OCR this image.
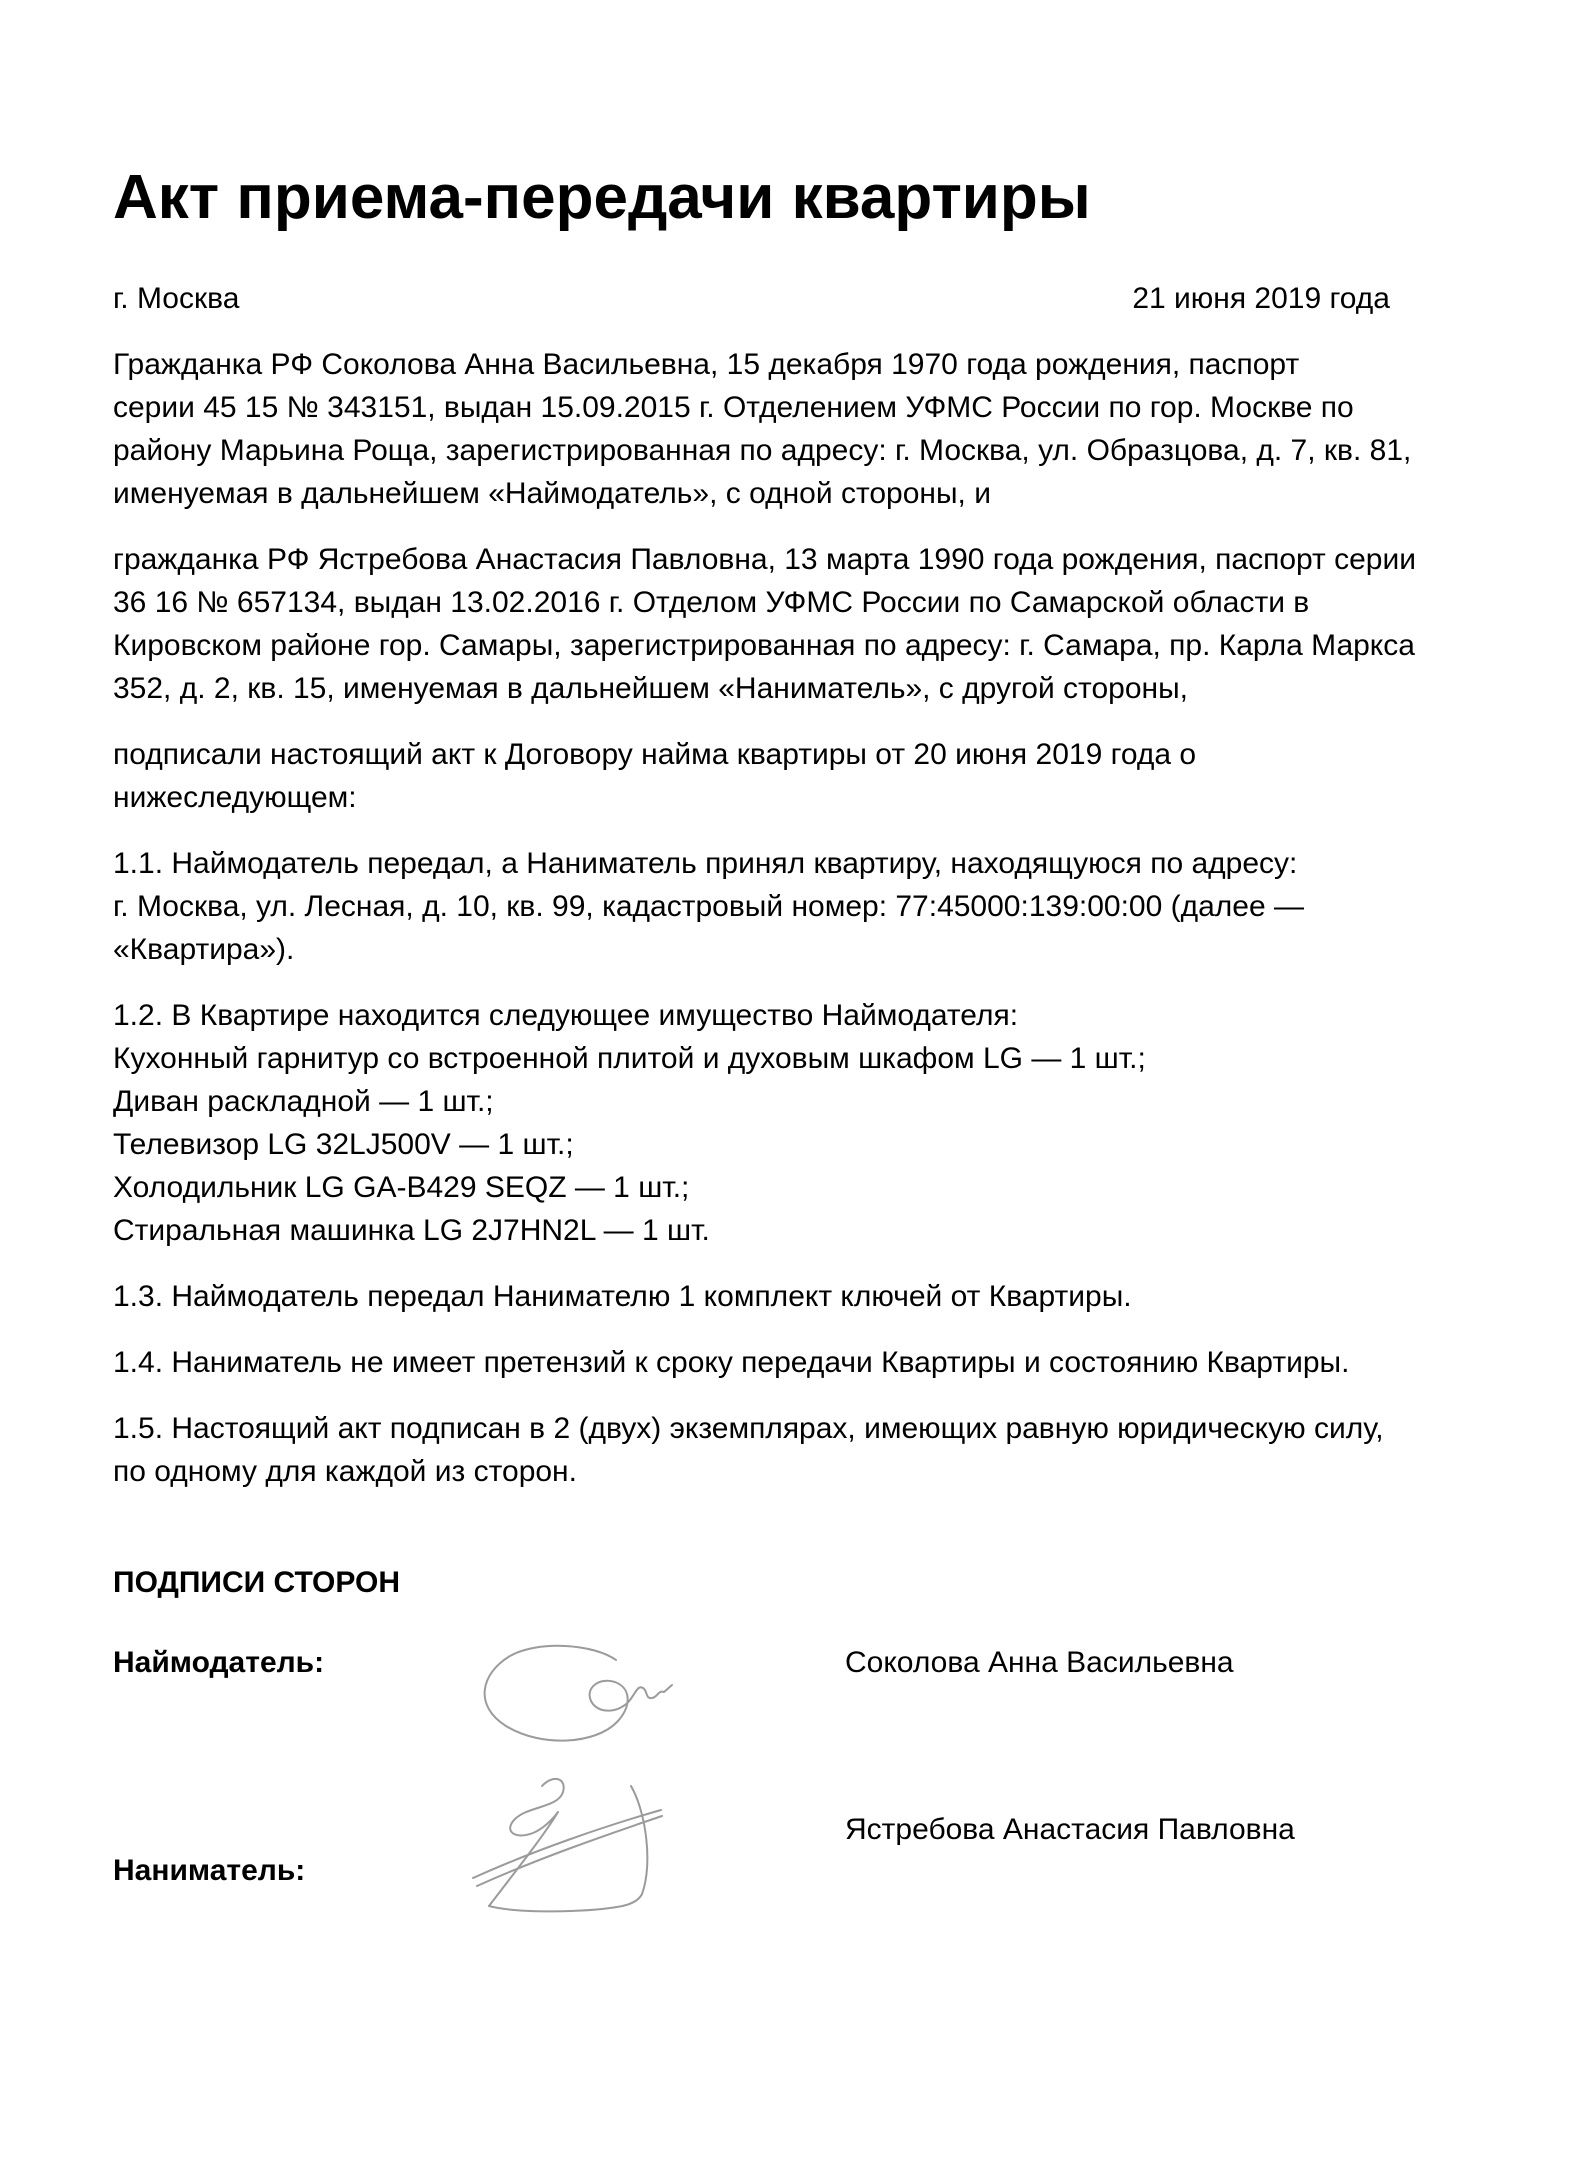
Акт приема-передачи квартиры
г. Москва	21 июня 2019 года
Гражданка РФ Соколова Анна Васильевна, 15 декабря 1970 года рождения, паспорт
серии 45 15 № 343151, выдан 15.09.2015 г. Отделением УФМС России по гор. Москве по
району Марьина Роща, зарегистрированная по адресу: г. Москва, ул. Образцова, д. 7, кв. 81,
именуемая в дальнейшем «Наймодатель», с одной стороны, и
гражданка РФ Ястребова Анастасия Павловна, 13 марта 1990 года рождения, паспорт серии
36 16 № 657134, выдан 13.02.2016 г. Отделом УФМС России по Самарской области в
Кировском районе гор. Самары, зарегистрированная по адресу: г. Самара, пр. Карла Маркса
352, д. 2, кв. 15, именуемая в дальнейшем «Наниматель», с другой стороны,
подписали настоящий акт к Договору найма квартиры от 20 июня 2019 года о
нижеследующем:
1.1. Наймодатель передал, а Наниматель принял квартиру, находящуюся по адресу:
г. Москва, ул. Лесная, д. 10, кв. 99, кадастровый номер: 77:45000:139:00:00 (далее —
«Квартира»).
1.2. В Квартире находится следующее имущество Наймодателя:
Кухонный гарнитур со встроенной плитой и духовым шкафом LG — 1 шт.;
Диван раскладной — 1 шт.;
Телевизор LG 32LJ500V — 1 шт.;
Холодильник LG GA-B429 SEQZ — 1 шт.;
Стиральная машинка LG 2J7HN2L — 1 шт.
1.3. Наймодатель передал Нанимателю 1 комплект ключей от Квартиры.
1.4. Наниматель не имеет претензий к сроку передачи Квартиры и состоянию Квартиры.
1.5. Настоящий акт подписан в 2 (двух) экземплярах, имеющих равную юридическую силу,
по одному для каждой из сторон.
ПОДПИСИ СТОРОН
Наймодатель:	Соколова Анна Васильевна
Ястребова Анастасия Павловна
Наниматель:
